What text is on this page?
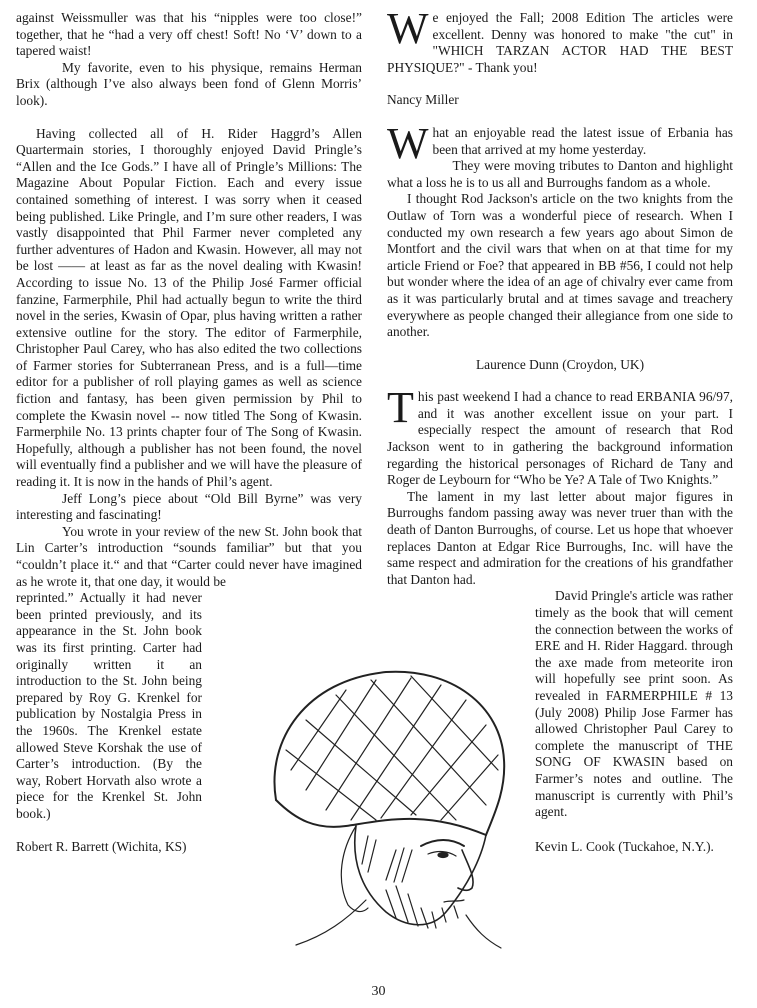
against Weissmuller was that his “nipples were too close!” together, that he “had a very off chest! Soft! No ‘V’ down to a tapered waist!

My favorite, even to his physique, remains Herman Brix (although I’ve also always been fond of Glenn Morris’ look).

Having collected all of H. Rider Haggrd’s Allen Quartermain stories, I thoroughly enjoyed David Pringle’s “Allen and the Ice Gods.” I have all of Pringle’s Millions: The Magazine About Popular Fiction. Each and every issue contained something of interest. I was sorry when it ceased being published. Like Pringle, and I’m sure other readers, I was vastly disappointed that Phil Farmer never completed any further adventures of Hadon and Kwasin. However, all may not be lost —— at least as far as the novel dealing with Kwasin! According to issue No. 13 of the Philip José Farmer official fanzine, Farmerphile, Phil had actually begun to write the third novel in the series, Kwasin of Opar, plus having written a rather extensive outline for the story. The editor of Farmerphile, Christopher Paul Carey, who has also edited the two collections of Farmer stories for Subterranean Press, and is a full—time editor for a publisher of roll playing games as well as science fiction and fantasy, has been given permission by Phil to complete the Kwasin novel -- now titled The Song of Kwasin. Farmerphile No. 13 prints chapter four of The Song of Kwasin. Hopefully, although a publisher has not been found, the novel will eventually find a publisher and we will have the pleasure of reading it. It is now in the hands of Phil’s agent.

Jeff Long’s piece about “Old Bill Byrne” was very interesting and fascinating!

You wrote in your review of the new St. John book that Lin Carter’s introduction “sounds familiar” but that you “couldn’t place it.“ and that “Carter could never have imagined as he wrote it, that one day, it would be

reprinted.” Actually it had never been printed previously, and its appearance in the St. John book was its first printing. Carter had originally written it an introduction to the St. John being prepared by Roy G. Krenkel for publication by Nostalgia Press in the 1960s. The Krenkel estate allowed Steve Korshak the use of Carter’s introduction. (By the way, Robert Horvath also wrote a piece for the Krenkel St. John book.)

Robert R. Barrett (Wichita, KS)

W e enjoyed the Fall; 2008 Edition The articles were excellent. Denny was honored to make "the cut" in "WHICH TARZAN ACTOR HAD THE BEST PHYSIQUE?" - Thank you!

Nancy Miller

W hat an enjoyable read the latest issue of Erbania has been that arrived at my home yesterday.

They were moving tributes to Danton and highlight what a loss he is to us all and Burroughs fandom as a whole.

I thought Rod Jackson's article on the two knights from the Outlaw of Torn was a wonderful piece of research. When I conducted my own research a few years ago about Simon de Montfort and the civil wars that when on at that time for my article Friend or Foe? that appeared in BB #56, I could not help but wonder where the idea of an age of chivalry ever came from as it was particularly brutal and at times savage and treachery everywhere as people changed their allegiance from one side to another.

Laurence Dunn (Croydon, UK)

T his past weekend I had a chance to read ERBANIA 96/97, and it was another excellent issue on your part. I especially respect the amount of research that Rod Jackson went to in gathering the background information regarding the historical personages of Richard de Tany and Roger de Leybourn for “Who be Ye? A Tale of Two Knights.”

The lament in my last letter about major figures in Burroughs fandom passing away was never truer than with the death of Danton Burroughs, of course. Let us hope that whoever replaces Danton at Edgar Rice Burroughs, Inc. will have the same respect and admiration for the creations of his grandfather that Danton had.

David Pringle's article was rather timely as the book that will cement the connection between the works of ERE and H. Rider Haggard. through the axe made from meteorite iron will hopefully see print soon. As revealed in FARMERPHILE # 13 (July 2008) Philip Jose Farmer has allowed Christopher Paul Carey to complete the manuscript of THE SONG OF KWASIN based on Farmer’s notes and outline. The manuscript is currently with Phil’s agent.

Kevin L. Cook (Tuckahoe, N.Y.).

30
